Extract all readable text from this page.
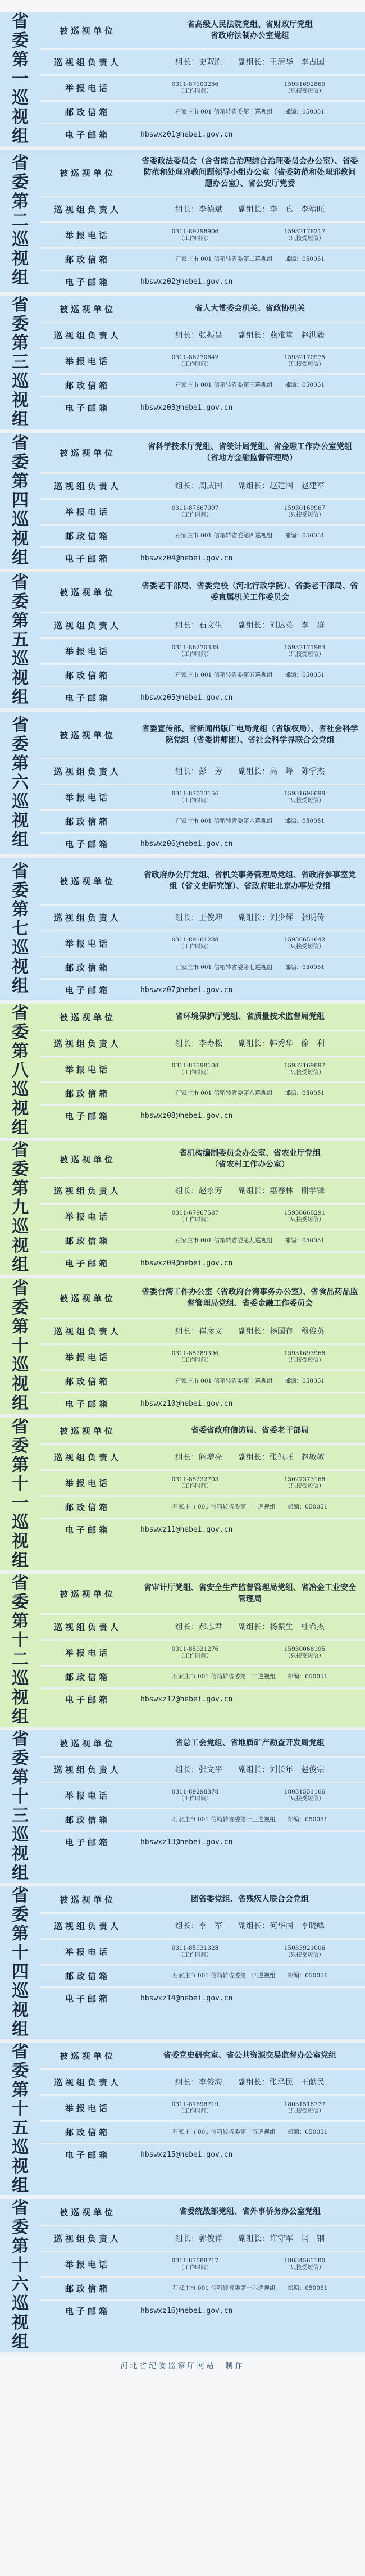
省委第一巡视组
被巡视单位
省高级人民法院党组、省财政厅党组
省政府法制办公室党组
巡视组负责人	组长：史双胜　　副组长：王清华　李占国
举报电话	0311-87103256
（工作时间）
15931692860
（只接受短信）
邮政信箱	石家庄市 001 信箱转省委第一巡视组　　邮编：050051
电子邮箱	hbswxz01@hebei.gov.cn
省委第二巡视组
被巡视单位
省委政法委员会（含省综合治理综合治理委员会办公室）、省委防范和处理邪教问题领导小组办公室（省委防范和处理邪教问题办公室）、省公安厅党委
巡视组负责人	组长：李德斌　　副组长：李　真　李靖旺
举报电话	0311-89298906
（工作时间）
15932176217
（只接受短信）
邮政信箱	石家庄市 001 信箱转省委第二巡视组　　邮编：050051
电子邮箱	hbswxz02@hebei.gov.cn
省委第三巡视组
被巡视单位	省人大常委会机关、省政协机关
巡视组负责人	组长：张振昌　　副组长：燕雅堂　赵洪毅
举报电话	0311-86270642
（工作时间）
15932170975
（只接受短信）
邮政信箱	石家庄市 001 信箱转省委第三巡视组　　邮编：050051
电子邮箱	hbswxz03@hebei.gov.cn
省委第四巡视组
被巡视单位
省科学技术厅党组、省统计局党组、省金融工作办公室党组　（省地方金融监督管理局）
巡视组负责人	组长：周庆国　　副组长：赵建国　赵建军
举报电话	0311-87667097
（工作时间）
15930169967
（只接受短信）
邮政信箱	石家庄市 001 信箱转省委第四巡视组　　邮编：050051
电子邮箱	hbswxz04@hebei.gov.cn
省委第五巡视组
被巡视单位
省委老干部局、省委党校（河北行政学院）、省委老干部局、省委直属机关工作委员会
巡视组负责人	组长：石文生　　副组长：刘达英　李　群
举报电话	0311-86270339
（工作时间）
15932171963
（只接受短信）
邮政信箱	石家庄市 001 信箱转省委第五巡视组　　邮编：050051
电子邮箱	hbswxz05@hebei.gov.cn
省委第六巡视组
被巡视单位
省委宣传部、省新闻出版广电局党组（省版权局）、省社会科学院党组（省委讲师团）、省社会科学界联合会党组
巡视组负责人	组长：彭　芳　　副组长：高　峰　陈学杰
举报电话	0311-87073156
（工作时间）
15931696099
（只接受短信）
邮政信箱	石家庄市 001 信箱转省委第六巡视组　　邮编：050051
电子邮箱	hbswxz06@hebei.gov.cn
省委第七巡视组
被巡视单位
省政府办公厅党组、省机关事务管理局党组、省政府参事室党组（省文史研究馆）、省政府驻北京办事处党组
巡视组负责人	组长：王俊坤　　副组长：刘少辉　张明传
举报电话	0311-89161288
（工作时间）
15936651642
（只接受短信）
邮政信箱	石家庄市 001 信箱转省委第七巡视组　　邮编：050051
电子邮箱	hbswxz07@hebei.gov.cn
省委第八巡视组
被巡视单位	省环境保护厅党组、省质量技术监督局党组
巡视组负责人	组长：李寿松　　副组长：韩秀华　徐　利
举报电话	0311-87598108
（工作时间）
15932169897
（只接受短信）
邮政信箱	石家庄市 001 信箱转省委第八巡视组　　邮编：050051
电子邮箱	hbswxz08@hebei.gov.cn
省委第九巡视组
被巡视单位
省机构编制委员会办公室、省农业厅党组
（省农村工作办公室）
巡视组负责人	组长：赵永芳　　副组长：惠春林　谢学锋
举报电话	0311-67967587
（工作时间）
15936660291
（只接受短信）
邮政信箱	石家庄市 001 信箱转省委第九巡视组　　邮编：050051
电子邮箱	hbswxz09@hebei.gov.cn
省委第十巡视组
被巡视单位
省委台湾工作办公室（省政府台湾事务办公室）、省食品药品监督管理局党组、省委金融工作委员会
巡视组负责人	组长：崔彦文　　副组长：杨国存　穆俊英
举报电话	0311-85289396
（工作时间）
15931693968
（只接受短信）
邮政信箱	石家庄市 001 信箱转省委第十巡视组　　邮编：050051
电子邮箱	hbswxz10@hebei.gov.cn
省委第十一巡视组
被巡视单位	省委省政府信访局、省委老干部局
巡视组负责人	组长：阎增亮　　副组长：张佩旺　赵敏敏
举报电话	0311-85232703
（工作时间）
15027373168
（只接受短信）
邮政信箱	石家庄市 001 信箱转省委第十一巡视组　　邮编：050051
电子邮箱	hbswxz11@hebei.gov.cn
省委第十二巡视组
被巡视单位
省审计厅党组、省安全生产监督管理局党组、省冶金工业安全管理局
巡视组负责人	组长：郝志君　　副组长：杨振生　杜希杰
举报电话	0311-85931276
（工作时间）
15930068195
（只接受短信）
邮政信箱	石家庄市 001 信箱转省委第十二巡视组　　邮编：050051
电子邮箱	hbswxz12@hebei.gov.cn
省委第十三巡视组
被巡视单位	省总工会党组、省地质矿产勘查开发局党组
巡视组负责人	组长：张文平　　副组长：刘长年　赵俊宗
举报电话	0311-89298378
（工作时间）
18031551166
（只接受短信）
邮政信箱	石家庄市 001 信箱转省委第十三巡视组　　邮编：050051
电子邮箱	hbswxz13@hebei.gov.cn
省委第十四巡视组
被巡视单位	团省委党组、省残疾人联合会党组
巡视组负责人	组长：李　军　　副组长：何华国　李晓峰
举报电话	0311-85931328
（工作时间）
15033921006
（只接受短信）
邮政信箱	石家庄市 001 信箱转省委第十四巡视组　　邮编：050051
电子邮箱	hbswxz14@hebei.gov.cn
省委第十五巡视组
被巡视单位	省委党史研究室、省公共资源交易监督办公室党组
巡视组负责人	组长：李俊海　　副组长：张泽民　王献民
举报电话	0311-87698719
（工作时间）
18031518777
（只接受短信）
邮政信箱	石家庄市 001 信箱转省委第十五巡视组　　邮编：050051
电子邮箱	hbswxz15@hebei.gov.cn
省委第十六巡视组
被巡视单位	省委统战部党组、省外事侨务办公室党组
巡视组负责人	组长：郭俊祥　　副组长：许守军　闫　钢
举报电话	0311-87088717
（工作时间）
18034565180
（只接受短信）
邮政信箱	石家庄市 001 信箱转省委第十六巡视组　　邮编：050051
电子邮箱	hbswxz16@hebei.gov.cn
河北省纪委监察厅网站　制作
